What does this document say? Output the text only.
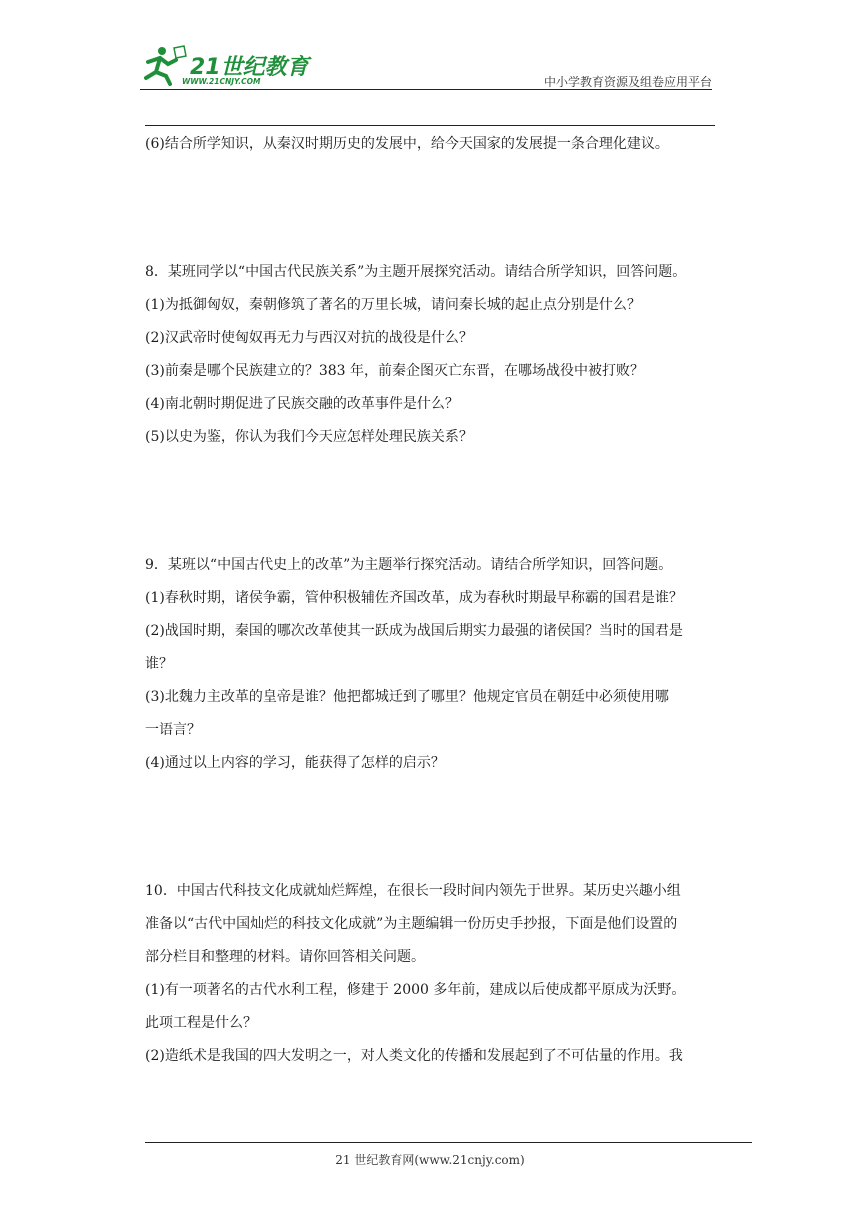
21世纪教育
WWW.21CNJY.COM	中小学教育资源及组卷应用平台
(6)结合所学知识，从秦汉时期历史的发展中，给今天国家的发展提一条合理化建议。
8．某班同学以“中国古代民族关系”为主题开展探究活动。请结合所学知识，回答问题。
(1)为抵御匈奴，秦朝修筑了著名的万里长城，请问秦长城的起止点分别是什么？
(2)汉武帝时使匈奴再无力与西汉对抗的战役是什么？
(3)前秦是哪个民族建立的？383 年，前秦企图灭亡东晋，在哪场战役中被打败？
(4)南北朝时期促进了民族交融的改革事件是什么？
(5)以史为鉴，你认为我们今天应怎样处理民族关系？
9．某班以“中国古代史上的改革”为主题举行探究活动。请结合所学知识，回答问题。
(1)春秋时期，诸侯争霸，管仲积极辅佐齐国改革，成为春秋时期最早称霸的国君是谁？
(2)战国时期，秦国的哪次改革使其一跃成为战国后期实力最强的诸侯国？当时的国君是
谁？
(3)北魏力主改革的皇帝是谁？他把都城迁到了哪里？他规定官员在朝廷中必须使用哪
一语言？
(4)通过以上内容的学习，能获得了怎样的启示？
10．中国古代科技文化成就灿烂辉煌，在很长一段时间内领先于世界。某历史兴趣小组
准备以“古代中国灿烂的科技文化成就”为主题编辑一份历史手抄报，下面是他们设置的
部分栏目和整理的材料。请你回答相关问题。
(1)有一项著名的古代水利工程，修建于 2000 多年前，建成以后使成都平原成为沃野。
此项工程是什么？
(2)造纸术是我国的四大发明之一，对人类文化的传播和发展起到了不可估量的作用。我
21 世纪教育网(www.21cnjy.com)
